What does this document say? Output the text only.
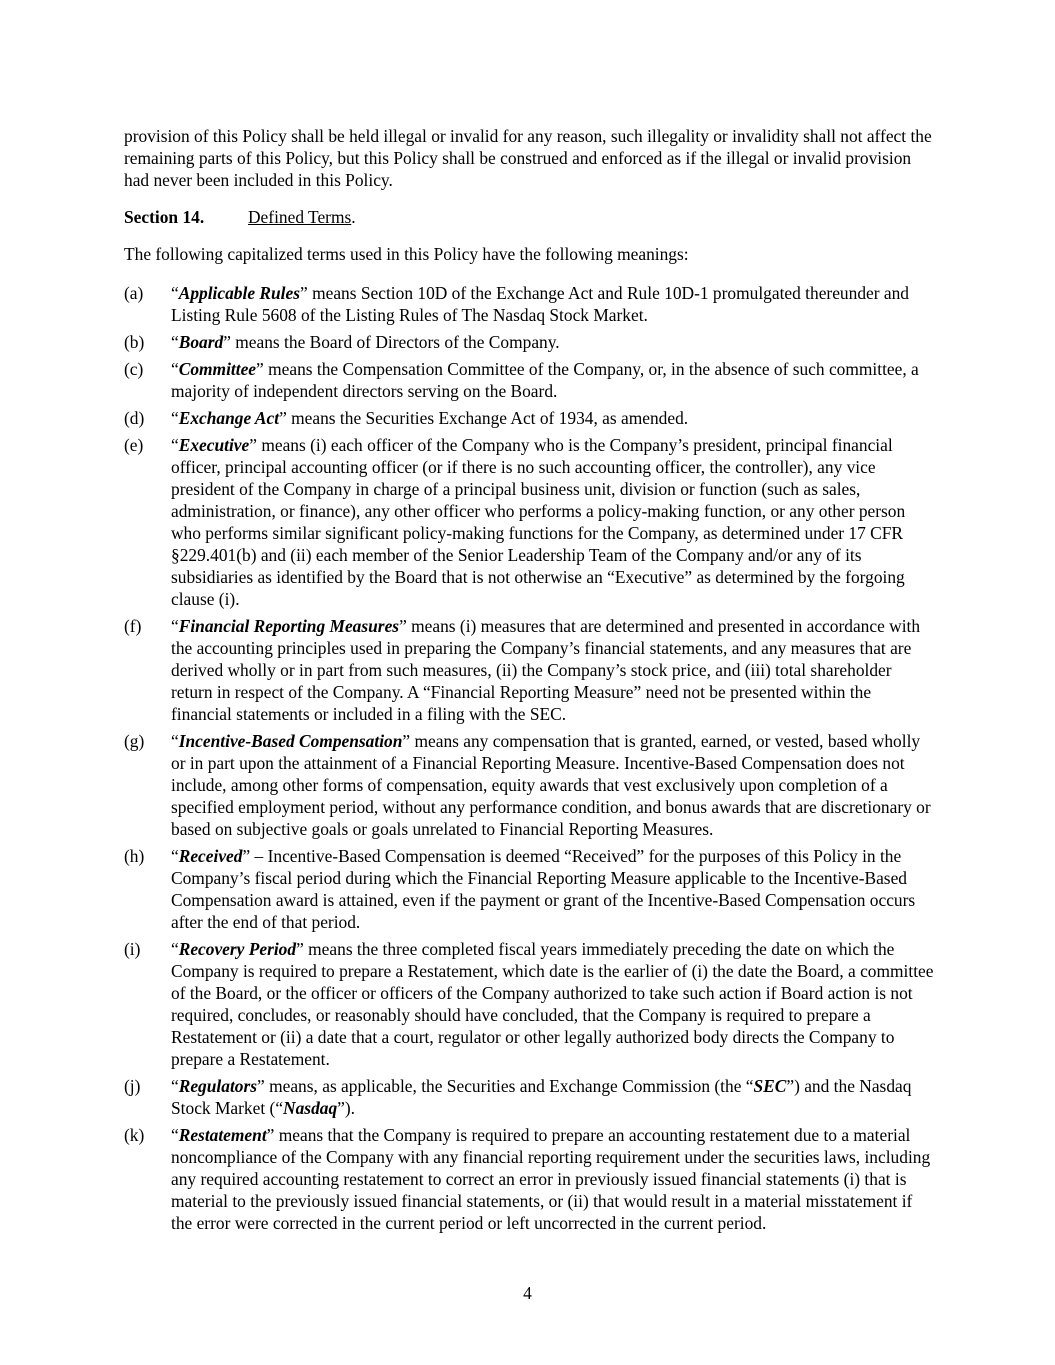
provision of this Policy shall be held illegal or invalid for any reason, such illegality or invalidity shall not affect the remaining parts of this Policy, but this Policy shall be construed and enforced as if the illegal or invalid provision had never been included in this Policy.

Section 14.	Defined Terms.

The following capitalized terms used in this Policy have the following meanings:

(a) “Applicable Rules” means Section 10D of the Exchange Act and Rule 10D-1 promulgated thereunder and Listing Rule 5608 of the Listing Rules of The Nasdaq Stock Market.
(b) “Board” means the Board of Directors of the Company.
(c) “Committee” means the Compensation Committee of the Company, or, in the absence of such committee, a majority of independent directors serving on the Board.
(d) “Exchange Act” means the Securities Exchange Act of 1934, as amended.
(e) “Executive” means (i) each officer of the Company who is the Company’s president, principal financial officer, principal accounting officer (or if there is no such accounting officer, the controller), any vice president of the Company in charge of a principal business unit, division or function (such as sales, administration, or finance), any other officer who performs a policy-making function, or any other person who performs similar significant policy-making functions for the Company, as determined under 17 CFR §229.401(b) and (ii) each member of the Senior Leadership Team of the Company and/or any of its subsidiaries as identified by the Board that is not otherwise an “Executive” as determined by the forgoing clause (i).
(f) “Financial Reporting Measures” means (i) measures that are determined and presented in accordance with the accounting principles used in preparing the Company’s financial statements, and any measures that are derived wholly or in part from such measures, (ii) the Company’s stock price, and (iii) total shareholder return in respect of the Company. A “Financial Reporting Measure” need not be presented within the financial statements or included in a filing with the SEC.
(g) “Incentive-Based Compensation” means any compensation that is granted, earned, or vested, based wholly or in part upon the attainment of a Financial Reporting Measure. Incentive-Based Compensation does not include, among other forms of compensation, equity awards that vest exclusively upon completion of a specified employment period, without any performance condition, and bonus awards that are discretionary or based on subjective goals or goals unrelated to Financial Reporting Measures.
(h) “Received” – Incentive-Based Compensation is deemed “Received” for the purposes of this Policy in the Company’s fiscal period during which the Financial Reporting Measure applicable to the Incentive-Based Compensation award is attained, even if the payment or grant of the Incentive-Based Compensation occurs after the end of that period.
(i) “Recovery Period” means the three completed fiscal years immediately preceding the date on which the Company is required to prepare a Restatement, which date is the earlier of (i) the date the Board, a committee of the Board, or the officer or officers of the Company authorized to take such action if Board action is not required, concludes, or reasonably should have concluded, that the Company is required to prepare a Restatement or (ii) a date that a court, regulator or other legally authorized body directs the Company to prepare a Restatement.
(j) “Regulators” means, as applicable, the Securities and Exchange Commission (the “SEC”) and the Nasdaq Stock Market (“Nasdaq”).
(k) “Restatement” means that the Company is required to prepare an accounting restatement due to a material noncompliance of the Company with any financial reporting requirement under the securities laws, including any required accounting restatement to correct an error in previously issued financial statements (i) that is material to the previously issued financial statements, or (ii) that would result in a material misstatement if the error were corrected in the current period or left uncorrected in the current period.
4
